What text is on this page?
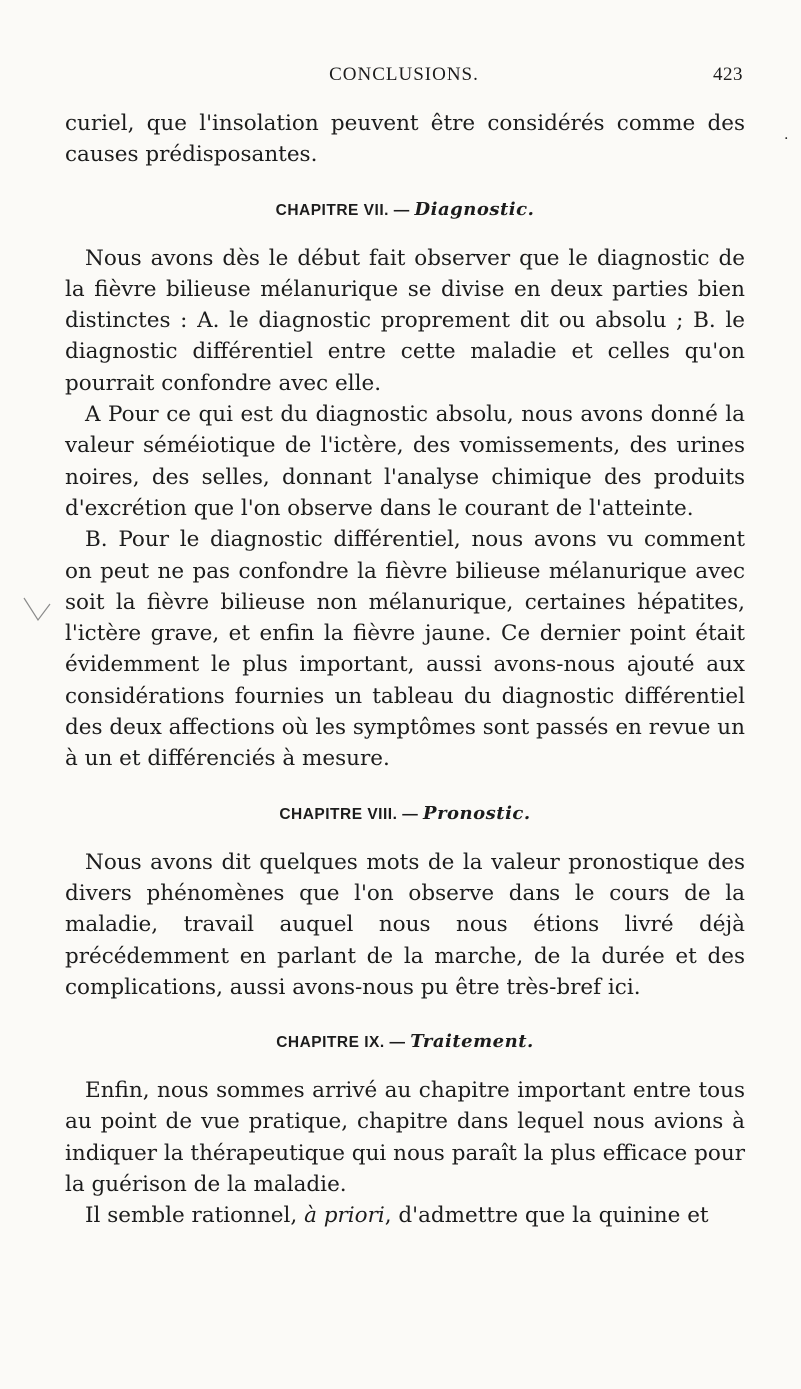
CONCLUSIONS.	423
.

curiel, que l'insolation peuvent être considérés comme des causes prédisposantes.

CHAPITRE VII. — Diagnostic.

Nous avons dès le début fait observer que le diagnostic de la fièvre bilieuse mélanurique se divise en deux parties bien distinctes : A. le diagnostic proprement dit ou absolu ; B. le diagnostic différentiel entre cette maladie et celles qu'on pourrait confondre avec elle.

A Pour ce qui est du diagnostic absolu, nous avons donné la valeur séméiotique de l'ictère, des vomissements, des urines noires, des selles, donnant l'analyse chimique des produits d'excrétion que l'on observe dans le courant de l'atteinte.

B. Pour le diagnostic différentiel, nous avons vu comment on peut ne pas confondre la fièvre bilieuse mélanurique avec soit la fièvre bilieuse non mélanurique, certaines hépatites, l'ictère grave, et enfin la fièvre jaune. Ce dernier point était évidemment le plus important, aussi avons-nous ajouté aux considérations fournies un tableau du diagnostic différentiel des deux affections où les symptômes sont passés en revue un à un et différenciés à mesure.

CHAPITRE VIII. — Pronostic.

Nous avons dit quelques mots de la valeur pronostique des divers phénomènes que l'on observe dans le cours de la maladie, travail auquel nous nous étions livré déjà précédemment en parlant de la marche, de la durée et des complications, aussi avons-nous pu être très-bref ici.

CHAPITRE IX. — Traitement.

Enfin, nous sommes arrivé au chapitre important entre tous au point de vue pratique, chapitre dans lequel nous avions à indiquer la thérapeutique qui nous paraît la plus efficace pour la guérison de la maladie.

Il semble rationnel, à priori, d'admettre que la quinine et
